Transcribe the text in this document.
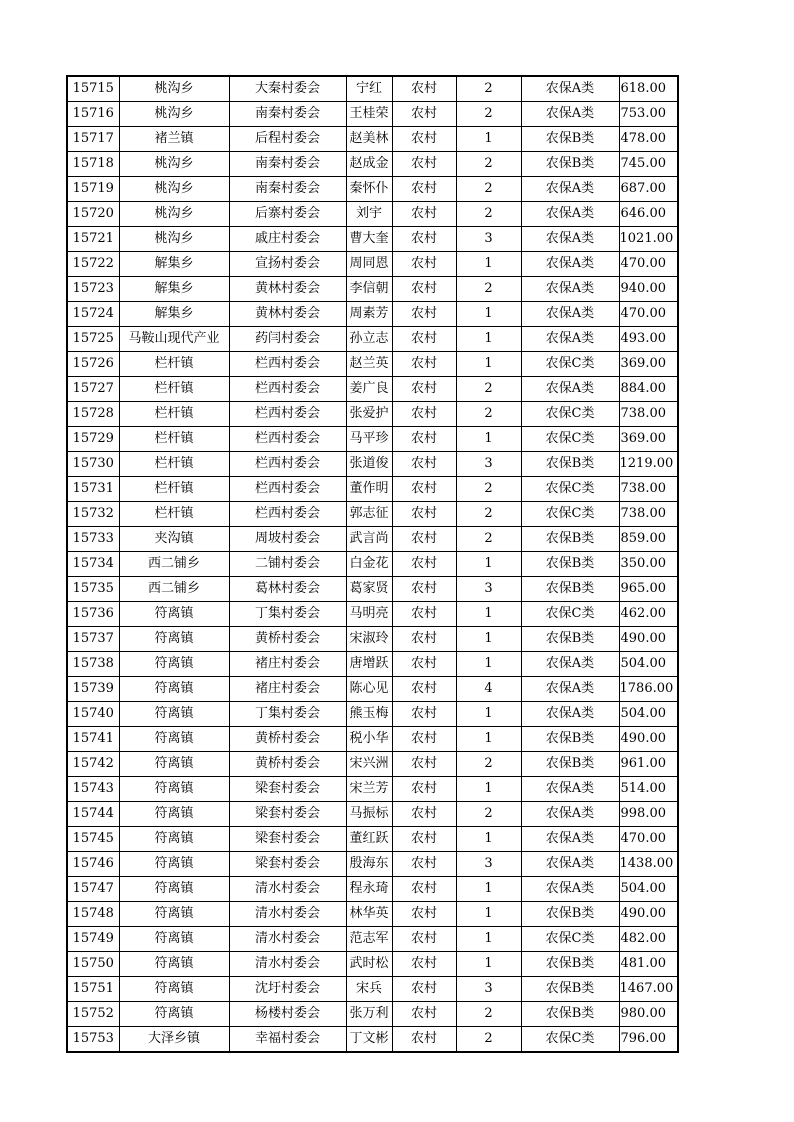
15715	桃沟乡	大秦村委会	宁红	农村	2	农保A类	618.00
15716	桃沟乡	南秦村委会	王桂荣	农村	2	农保A类	753.00
15717	褚兰镇	后程村委会	赵美林	农村	1	农保B类	478.00
15718	桃沟乡	南秦村委会	赵成金	农村	2	农保B类	745.00
15719	桃沟乡	南秦村委会	秦怀仆	农村	2	农保A类	687.00
15720	桃沟乡	后寨村委会	刘宇	农村	2	农保A类	646.00
15721	桃沟乡	戚庄村委会	曹大奎	农村	3	农保A类	1021.00
15722	解集乡	宣扬村委会	周同恩	农村	1	农保A类	470.00
15723	解集乡	黄林村委会	李信朝	农村	2	农保A类	940.00
15724	解集乡	黄林村委会	周素芳	农村	1	农保A类	470.00
15725	马鞍山现代产业	药闫村委会	孙立志	农村	1	农保A类	493.00
15726	栏杆镇	栏西村委会	赵兰英	农村	1	农保C类	369.00
15727	栏杆镇	栏西村委会	姜广良	农村	2	农保A类	884.00
15728	栏杆镇	栏西村委会	张爱护	农村	2	农保C类	738.00
15729	栏杆镇	栏西村委会	马平珍	农村	1	农保C类	369.00
15730	栏杆镇	栏西村委会	张道俊	农村	3	农保B类	1219.00
15731	栏杆镇	栏西村委会	董作明	农村	2	农保C类	738.00
15732	栏杆镇	栏西村委会	郭志征	农村	2	农保C类	738.00
15733	夹沟镇	周坡村委会	武言尚	农村	2	农保B类	859.00
15734	西二铺乡	二铺村委会	白金花	农村	1	农保B类	350.00
15735	西二铺乡	葛林村委会	葛家贤	农村	3	农保B类	965.00
15736	符离镇	丁集村委会	马明亮	农村	1	农保C类	462.00
15737	符离镇	黄桥村委会	宋淑玲	农村	1	农保B类	490.00
15738	符离镇	褚庄村委会	唐增跃	农村	1	农保A类	504.00
15739	符离镇	褚庄村委会	陈心见	农村	4	农保A类	1786.00
15740	符离镇	丁集村委会	熊玉梅	农村	1	农保A类	504.00
15741	符离镇	黄桥村委会	税小华	农村	1	农保B类	490.00
15742	符离镇	黄桥村委会	宋兴洲	农村	2	农保B类	961.00
15743	符离镇	梁套村委会	宋兰芳	农村	1	农保A类	514.00
15744	符离镇	梁套村委会	马振标	农村	2	农保A类	998.00
15745	符离镇	梁套村委会	董红跃	农村	1	农保A类	470.00
15746	符离镇	梁套村委会	殷海东	农村	3	农保A类	1438.00
15747	符离镇	清水村委会	程永琦	农村	1	农保A类	504.00
15748	符离镇	清水村委会	林华英	农村	1	农保B类	490.00
15749	符离镇	清水村委会	范志军	农村	1	农保C类	482.00
15750	符离镇	清水村委会	武时松	农村	1	农保B类	481.00
15751	符离镇	沈圩村委会	宋兵	农村	3	农保B类	1467.00
15752	符离镇	杨楼村委会	张万利	农村	2	农保B类	980.00
15753	大泽乡镇	幸福村委会	丁文彬	农村	2	农保C类	796.00
